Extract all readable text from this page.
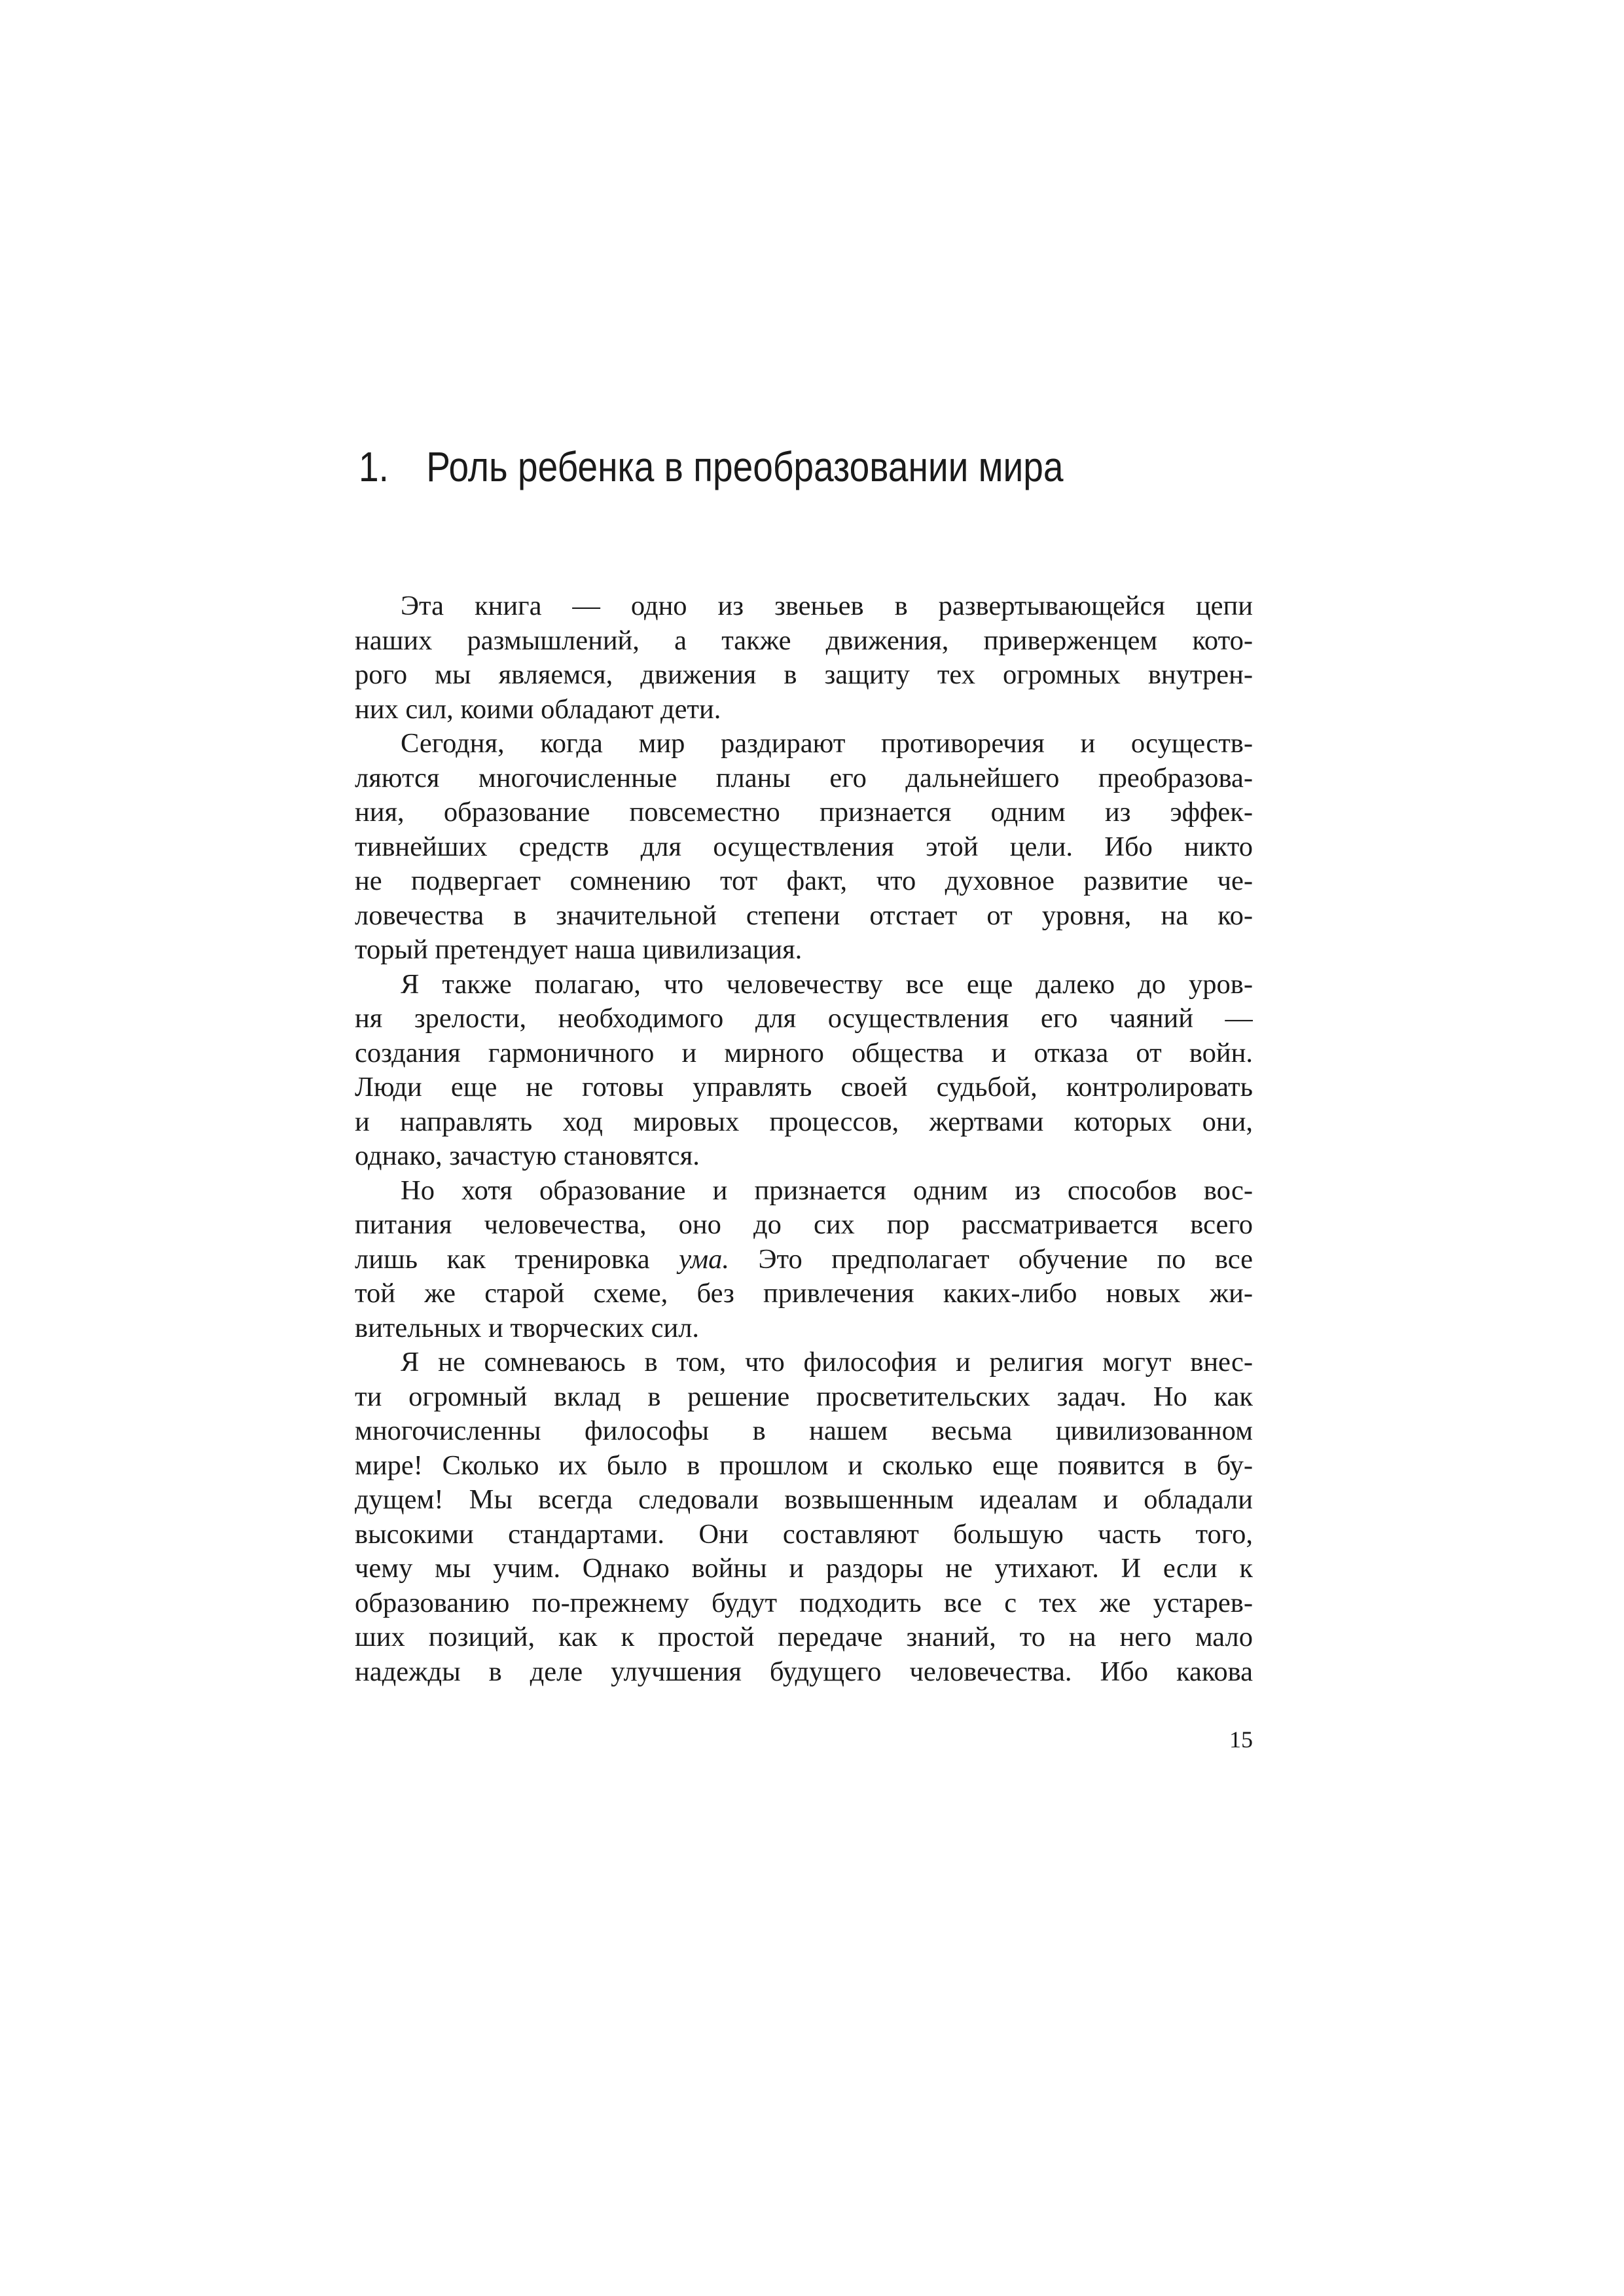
1. Роль ребенка в преобразовании мира
Эта книга — одно из звеньев в развертывающейся цепи
наших размышлений, а также движения, приверженцем кото-
рого мы являемся, движения в защиту тех огромных внутрен-
них сил, коими обладают дети.
Сегодня, когда мир раздирают противоречия и осуществ-
ляются многочисленные планы его дальнейшего преобразова-
ния, образование повсеместно признается одним из эффек-
тивнейших средств для осуществления этой цели. Ибо никто
не подвергает сомнению тот факт, что духовное развитие че-
ловечества в значительной степени отстает от уровня, на ко-
торый претендует наша цивилизация.
Я также полагаю, что человечеству все еще далеко до уров-
ня зрелости, необходимого для осуществления его чаяний —
создания гармоничного и мирного общества и отказа от войн.
Люди еще не готовы управлять своей судьбой, контролировать
и направлять ход мировых процессов, жертвами которых они,
однако, зачастую становятся.
Но хотя образование и признается одним из способов вос-
питания человечества, оно до сих пор рассматривается всего
лишь как тренировка ума. Это предполагает обучение по все
той же старой схеме, без привлечения каких-либо новых жи-
вительных и творческих сил.
Я не сомневаюсь в том, что философия и религия могут внес-
ти огромный вклад в решение просветительских задач. Но как
многочисленны философы в нашем весьма цивилизованном
мире! Сколько их было в прошлом и сколько еще появится в бу-
дущем! Мы всегда следовали возвышенным идеалам и обладали
высокими стандартами. Они составляют большую часть того,
чему мы учим. Однако войны и раздоры не утихают. И если к
образованию по-прежнему будут подходить все с тех же устарев-
ших позиций, как к простой передаче знаний, то на него мало
надежды в деле улучшения будущего человечества. Ибо какова
15
